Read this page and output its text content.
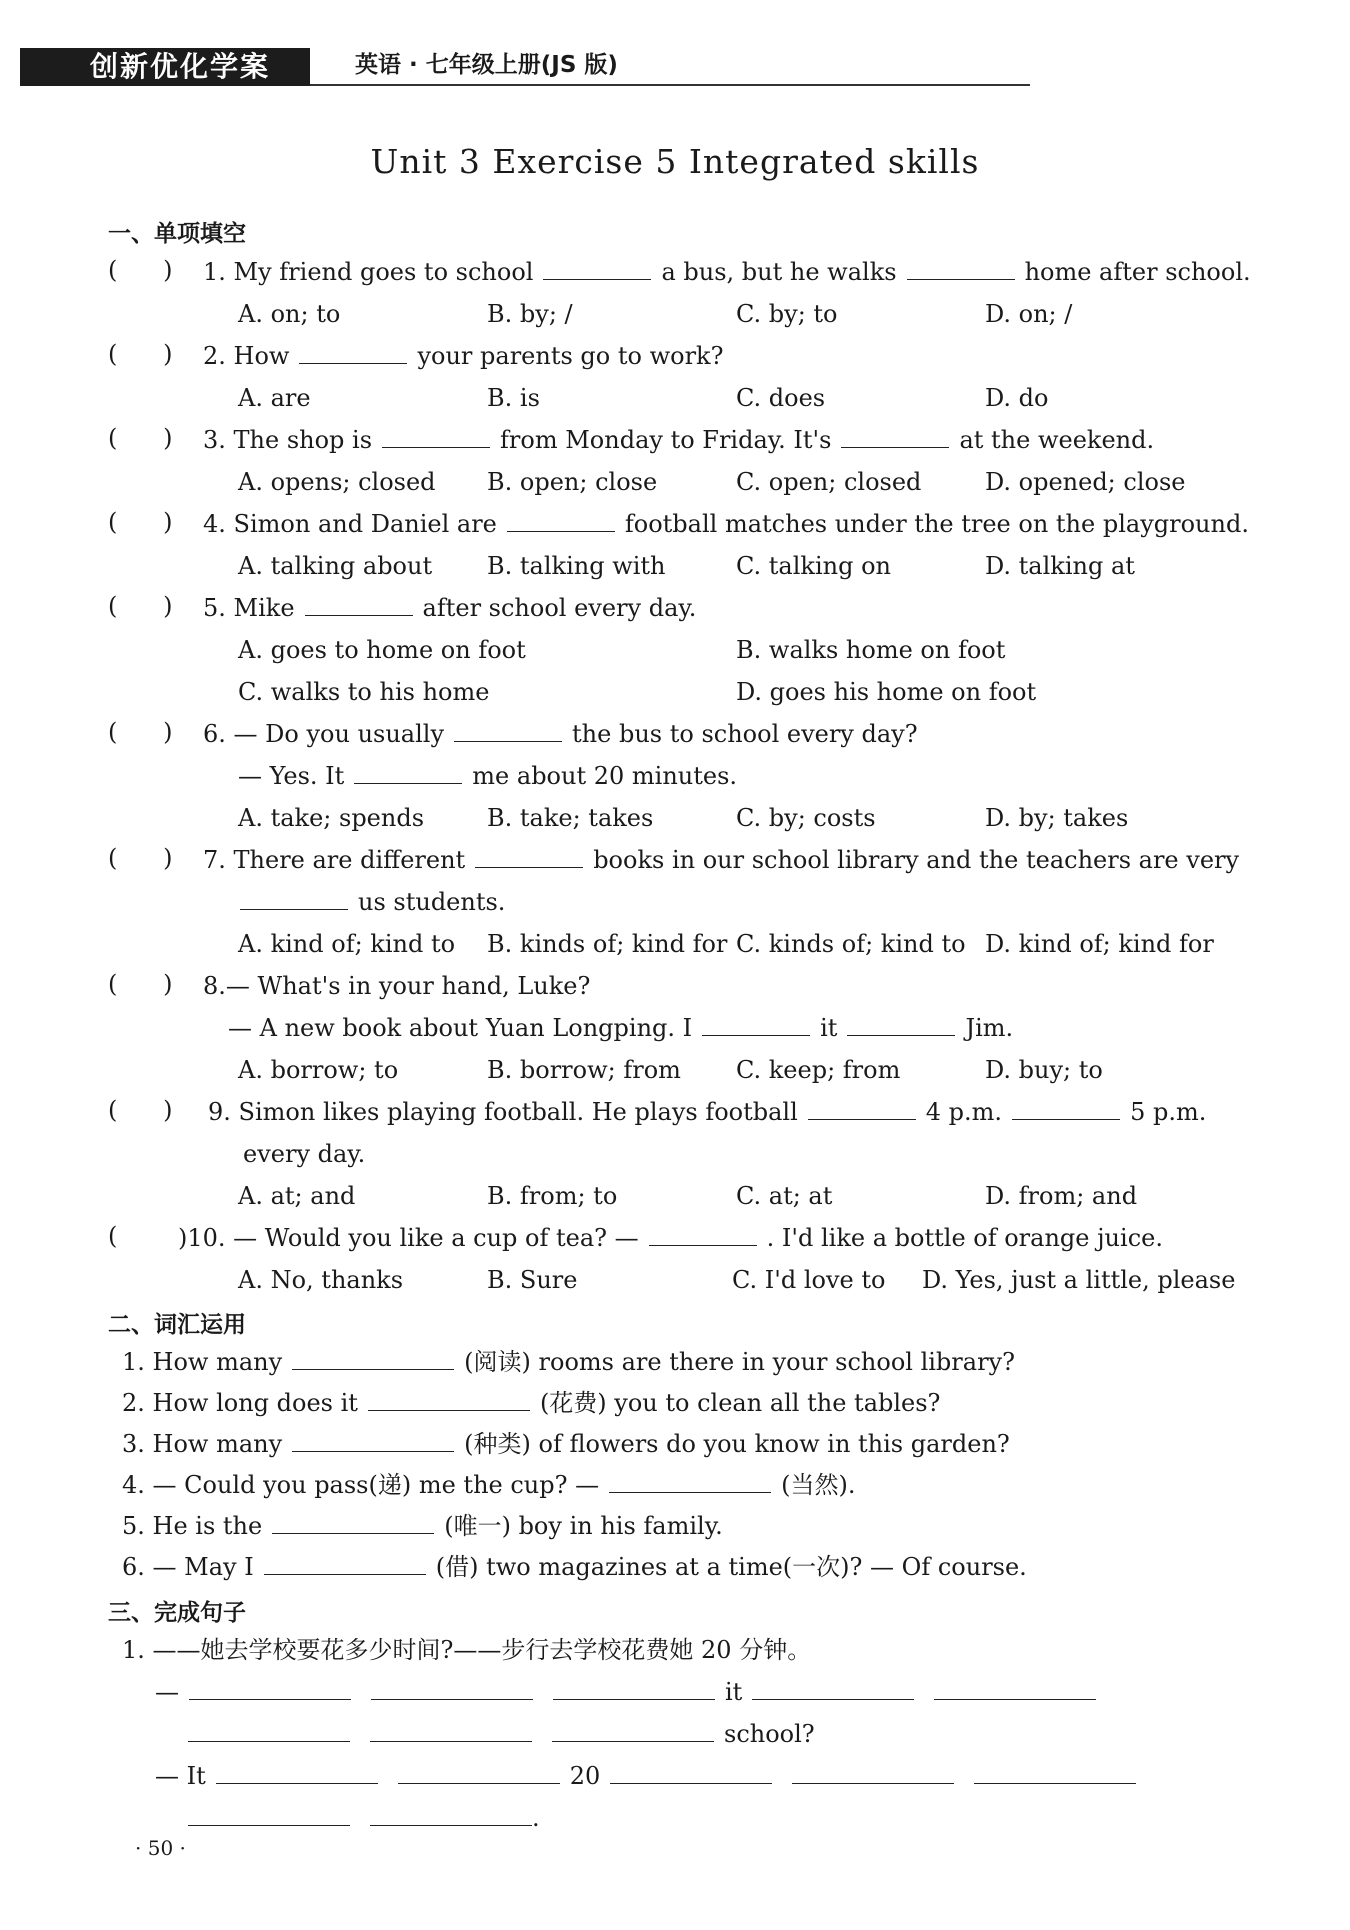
创新优化学案	英语 · 七年级上册(JS 版)
Unit 3 Exercise 5 Integrated skills
一、单项填空
(      ) 1. My friend goes to school	a bus, but he walks	home after school.
A. on; to	B. by; /	C. by; to	D. on; /
(      ) 2. How	your parents go to work?
A. are	B. is	C. does	D. do
(      ) 3. The shop is	from Monday to Friday. It's	at the weekend.
A. opens; closed B. open; close	C. open; closed	D. opened; close
(      ) 4. Simon and Daniel are	football matches under the tree on the playground.
A. talking about B. talking with	C. talking on	D. talking at
(      ) 5. Mike	after school every day.
A. goes to home on foot	B. walks home on foot
C. walks to his home	D. goes his home on foot
(      ) 6. — Do you usually	the bus to school every day?
— Yes. It	me about 20 minutes.
A. take; spends	B. take; takes	C. by; costs	D. by; takes
(      ) 7. There are different	books in our school library and the teachers are very
us students.
A. kind of; kind to B. kinds of; kind for C. kinds of; kind to D. kind of; kind for
(      ) 8.— What's in your hand, Luke?
— A new book about Yuan Longping. I	it	Jim.
A. borrow; to	B. borrow; from C. keep; from	D. buy; to
(      ) 9. Simon likes playing football. He plays football	4 p.m.	5 p.m.
every day.
A. at; and	B. from; to	C. at; at	D. from; and
( )10. — Would you like a cup of tea? —	. I'd like a bottle of orange juice.
A. No, thanks	B. Sure	C. I'd love to D. Yes, just a little, please
二、词汇运用
1. How many	(阅读) rooms are there in your school library?
2. How long does it	(花费) you to clean all the tables?
3. How many	(种类) of flowers do you know in this garden?
4. — Could you pass(递) me the cup? —	(当然).
5. He is the	(唯一) boy in his family.
6. — May I	(借) two magazines at a time(一次)? — Of course.
三、完成句子
1. ——她去学校要花多少时间?——步行去学校花费她 20 分钟。
—	it
school?
— It	20
.
· 50 ·
